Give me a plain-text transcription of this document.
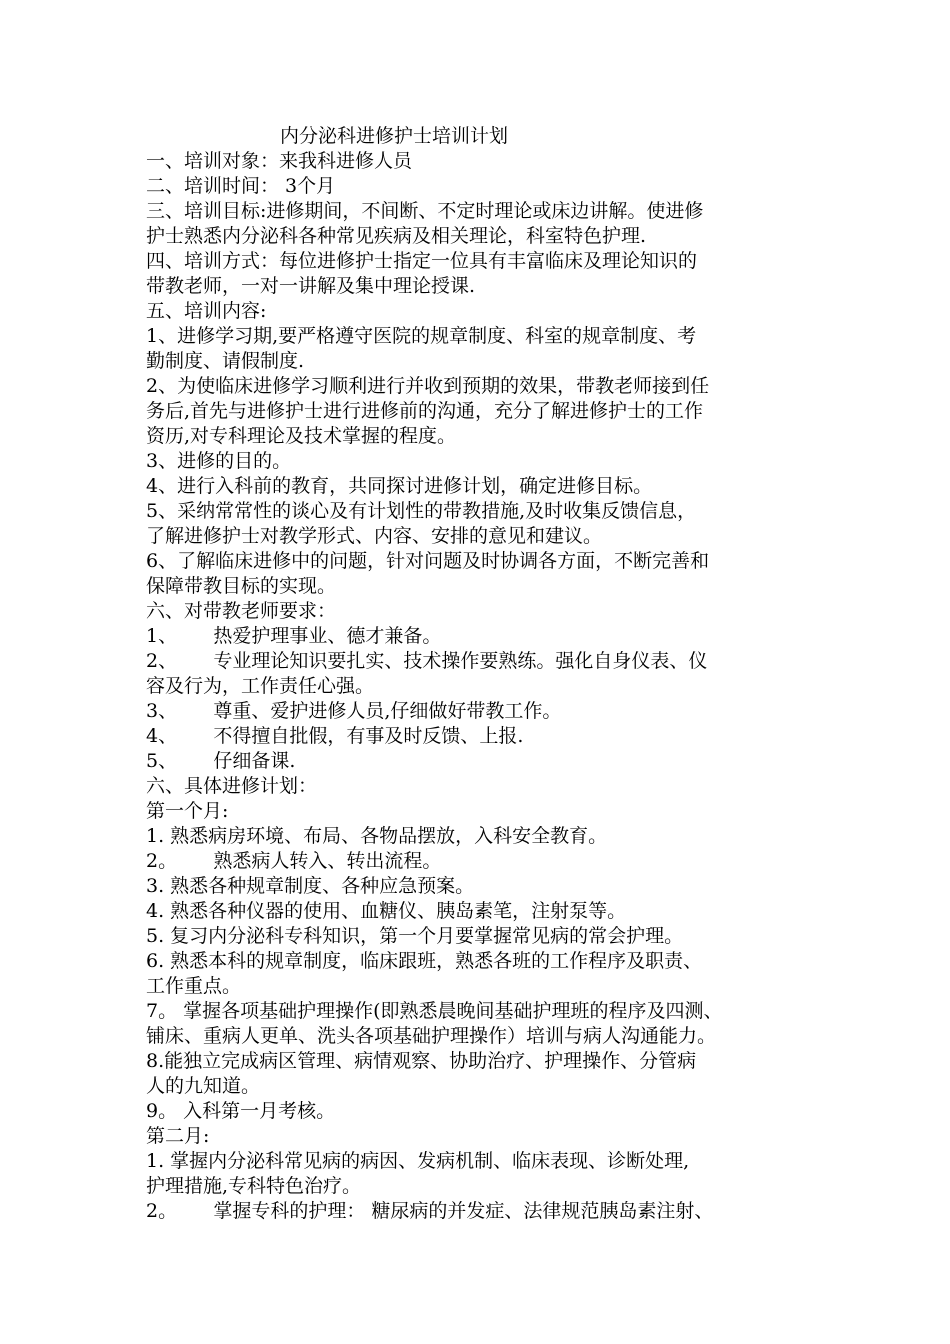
内分泌科进修护士培训计划
一、培训对象：来我科进修人员
二、培训时间： 3个月
三、培训目标:进修期间，不间断、不定时理论或床边讲解。使进修
护士熟悉内分泌科各种常见疾病及相关理论，科室特色护理.
四、培训方式：每位进修护士指定一位具有丰富临床及理论知识的
带教老师，一对一讲解及集中理论授课.
五、培训内容:
1、进修学习期,要严格遵守医院的规章制度、科室的规章制度、考
勤制度、请假制度.
2、为使临床进修学习顺利进行并收到预期的效果，带教老师接到任
务后,首先与进修护士进行进修前的沟通，充分了解进修护士的工作
资历,对专科理论及技术掌握的程度。
3、进修的目的。
4、进行入科前的教育，共同探讨进修计划，确定进修目标。
5、采纳常常性的谈心及有计划性的带教措施,及时收集反馈信息，
了解进修护士对教学形式、内容、安排的意见和建议。
6、了解临床进修中的问题，针对问题及时协调各方面，不断完善和
保障带教目标的实现。
六、对带教老师要求：
1、      热爱护理事业、德才兼备。
2、      专业理论知识要扎实、技术操作要熟练。强化自身仪表、仪
容及行为，工作责任心强。
3、      尊重、爱护进修人员,仔细做好带教工作。
4、      不得擅自批假，有事及时反馈、上报.
5、      仔细备课.
六、具体进修计划：
第一个月:
1. 熟悉病房环境、布局、各物品摆放，入科安全教育。
2。      熟悉病人转入、转出流程。
3. 熟悉各种规章制度、各种应急预案。
4. 熟悉各种仪器的使用、血糖仪、胰岛素笔，注射泵等。
5. 复习内分泌科专科知识，第一个月要掌握常见病的常会护理。
6. 熟悉本科的规章制度，临床跟班，熟悉各班的工作程序及职责、
工作重点。
7。 掌握各项基础护理操作(即熟悉晨晚间基础护理班的程序及四测、
铺床、重病人更单、洗头各项基础护理操作）培训与病人沟通能力。
8.能独立完成病区管理、病情观察、协助治疗、护理操作、分管病
人的九知道。
9。 入科第一月考核。
第二月:
1. 掌握内分泌科常见病的病因、发病机制、临床表现、诊断处理,
护理措施,专科特色治疗。
2。      掌握专科的护理： 糖尿病的并发症、法律规范胰岛素注射、
